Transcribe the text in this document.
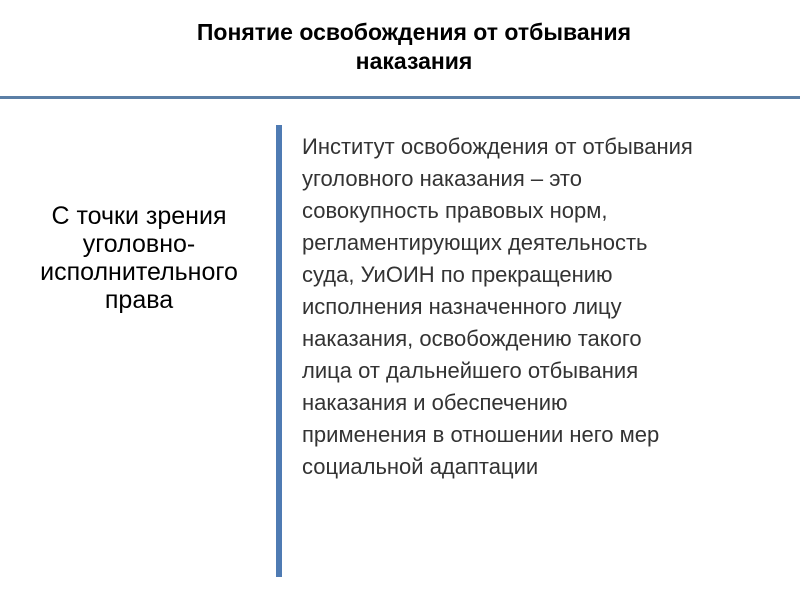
Понятие освобождения от отбывания
наказания
С точки зрения
уголовно-
исполнительного
права

Институт освобождения от отбывания
уголовного наказания – это
совокупность правовых норм,
регламентирующих деятельность
суда, УиОИН по прекращению
исполнения назначенного лицу
наказания, освобождению такого
лица от дальнейшего отбывания
наказания и обеспечению
применения в отношении него мер
социальной адаптации
